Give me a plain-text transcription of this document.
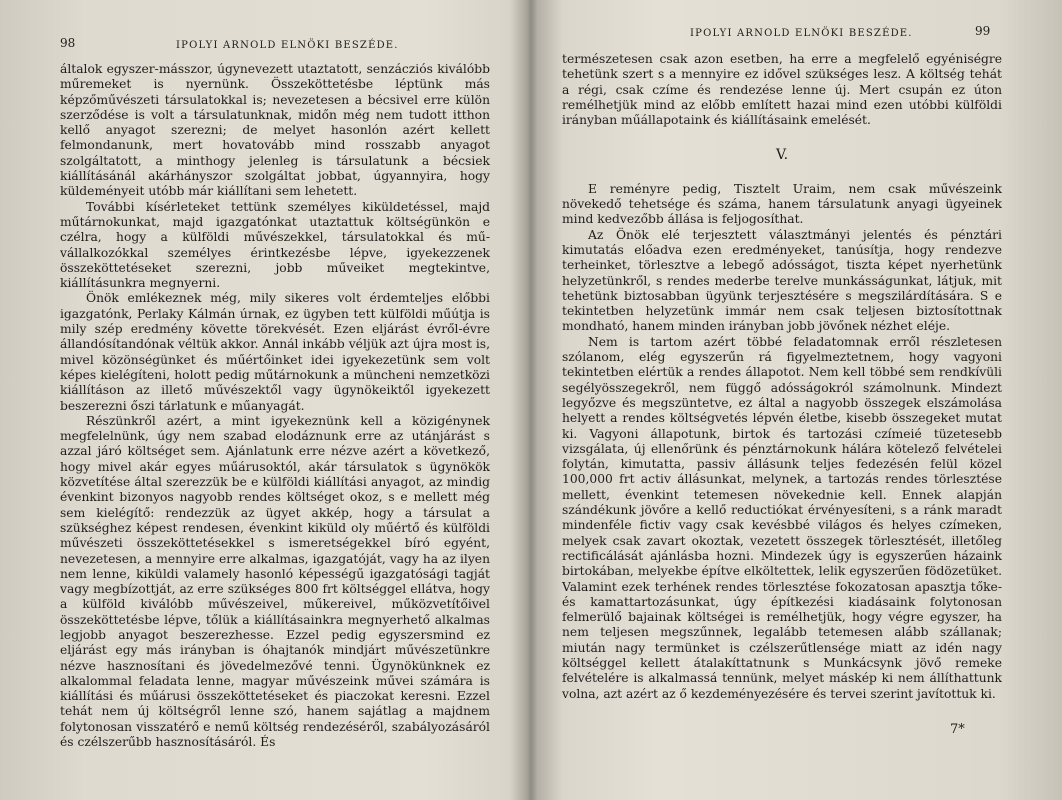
98	IPOLYI ARNOLD ELNÖKI BESZÉDE.

általok egyszer-másszor, úgynevezett utaztatott, senzácziós kiválóbb műremeket is nyernünk. Összeköttetésbe léptünk más képzőművészeti társulatokkal is; nevezetesen a bécsivel erre külön szerződése is volt a társulatunknak, midőn még nem tudott itthon kellő anyagot szerezni; de melyet hasonlón azért kellett felmondanunk, mert hovatovább mind rosszabb anyagot szolgáltatott, a minthogy jelenleg is társulatunk a bécsiek kiállításánál akárhányszor szolgáltat jobbat, úgyannyira, hogy küldeményeit utóbb már kiállítani sem lehetett.

További kísérleteket tettünk személyes kiküldetéssel, majd műtárnokunkat, majd igazgatónkat utaztattuk költségünkön e czélra, hogy a külföldi művészekkel, társulatokkal és mű-vállalkozókkal személyes érintkezésbe lépve, igyekezzenek összeköttetéseket szerezni, jobb műveiket megtekintve, kiállításunkra megnyerni.

Önök emlékeznek még, mily sikeres volt érdemteljes előbbi igazgatónk, Perlaky Kálmán úrnak, ez ügyben tett külföldi műútja is mily szép eredmény követte törekvését. Ezen eljárást évről-évre állandósítandónak véltük akkor. Annál inkább véljük azt újra most is, mivel közönségünket és műértőinket idei igyekezetünk sem volt képes kielégíteni, holott pedig műtárnokunk a müncheni nemzetközi kiállításon az illető művészektől vagy ügynökeiktől igyekezett beszerezni őszi tárlatunk e műanyagát.

Részünkről azért, a mint igyekeznünk kell a közigénynek megfelelnünk, úgy nem szabad elodáznunk erre az utánjárást s azzal járó költséget sem. Ajánlatunk erre nézve azért a következő, hogy mivel akár egyes műárusoktól, akár társulatok s ügynökök közvetítése által szerezzük be e külföldi kiállítási anyagot, az mindig évenkint bizonyos nagyobb rendes költséget okoz, s e mellett még sem kielégítő: rendezzük az ügyet akkép, hogy a társulat a szükséghez képest rendesen, évenkint kiküld oly műértő és külföldi művészeti összeköttetésekkel s ismeretségekkel bíró egyént, nevezetesen, a mennyire erre alkalmas, igazgatóját, vagy ha az ilyen nem lenne, kiküldi valamely hasonló képességű igazgatósági tagját vagy megbízottját, az erre szükséges 800 frt költséggel ellátva, hogy a külföld kiválóbb művészeivel, műkereivel, műközvetítőivel összeköttetésbe lépve, tőlük a kiállításainkra megnyerhető alkalmas legjobb anyagot beszerezhesse. Ezzel pedig egyszersmind ez eljárást egy más irányban is óhajtanók mindjárt művészetünkre nézve hasznosítani és jövedelmezővé tenni. Ügynökünknek ez alkalommal feladata lenne, magyar művészeink művei számára is kiállítási és műárusi összeköttetéseket és piaczokat keresni. Ezzel tehát nem új költségről lenne szó, hanem sajátlag a majdnem folytonosan visszatérő e nemű költség rendezéséről, szabályozásáról és czélszerűbb hasznosításáról. És

IPOLYI ARNOLD ELNÖKI BESZÉDE.	99

természetesen csak azon esetben, ha erre a megfelelő egyéniségre tehetünk szert s a mennyire ez idővel szükséges lesz. A költség tehát a régi, csak czíme és rendezése lenne új. Mert csupán ez úton remélhetjük mind az előbb említett hazai mind ezen utóbbi külföldi irányban műállapotaink és kiállításaink emelését.

V.

E reményre pedig, Tisztelt Uraim, nem csak művészeink növekedő tehetsége és száma, hanem társulatunk anyagi ügyeinek mind kedvezőbb állása is feljogosíthat.

Az Önök elé terjesztett választmányi jelentés és pénztári kimutatás előadva ezen eredményeket, tanúsítja, hogy rendezve terheinket, törlesztve a lebegő adósságot, tiszta képet nyerhetünk helyzetünkről, s rendes mederbe terelve munkásságunkat, látjuk, mit tehetünk biztosabban ügyünk terjesztésére s megszilárdítására. S e tekintetben helyzetünk immár nem csak teljesen biztosítottnak mondható, hanem minden irányban jobb jövőnek nézhet eléje.

Nem is tartom azért többé feladatomnak erről részletesen szólanom, elég egyszerűn rá figyelmeztetnem, hogy vagyoni tekintetben elértük a rendes állapotot. Nem kell többé sem rendkívüli segélyösszegekről, nem függő adósságokról számolnunk. Mindezt legyőzve és megszüntetve, ez által a nagyobb összegek elszámolása helyett a rendes költségvetés lépvén életbe, kisebb összegeket mutat ki. Vagyoni állapotunk, birtok és tartozási czímeié tüzetesebb vizsgálata, új ellenőrünk és pénztárnokunk hálára kötelező felvételei folytán, kimutatta, passiv állásunk teljes fedezésén felül közel 100,000 frt activ állásunkat, melynek, a tartozás rendes törlesztése mellett, évenkint tetemesen növekednie kell. Ennek alapján szándékunk jövőre a kellő reductiókat érvényesíteni, s a ránk maradt mindenféle fictiv vagy csak kevésbbé világos és helyes czímeken, melyek csak zavart okoztak, vezetett összegek törlesztését, illetőleg rectificálását ajánlásba hozni. Mindezek úgy is egyszerűen házaink birtokában, melyekbe építve elköltettek, lelik egyszerűen födözetüket. Valamint ezek terhének rendes törlesztése fokozatosan apasztja tőke- és kamattartozásunkat, úgy építkezési kiadásaink folytonosan felmerülő bajainak költségei is remélhetjük, hogy végre egyszer, ha nem teljesen megszűnnek, legalább tetemesen alább szállanak; miután nagy termünket is czélszerűtlensége miatt az idén nagy költséggel kellett átalakíttatnunk s Munkácsynk jövő remeke felvételére is alkalmassá tennünk, melyet máskép ki nem állíthattunk volna, azt azért az ő kezdeményezésére és tervei szerint javítottuk ki.

7*
